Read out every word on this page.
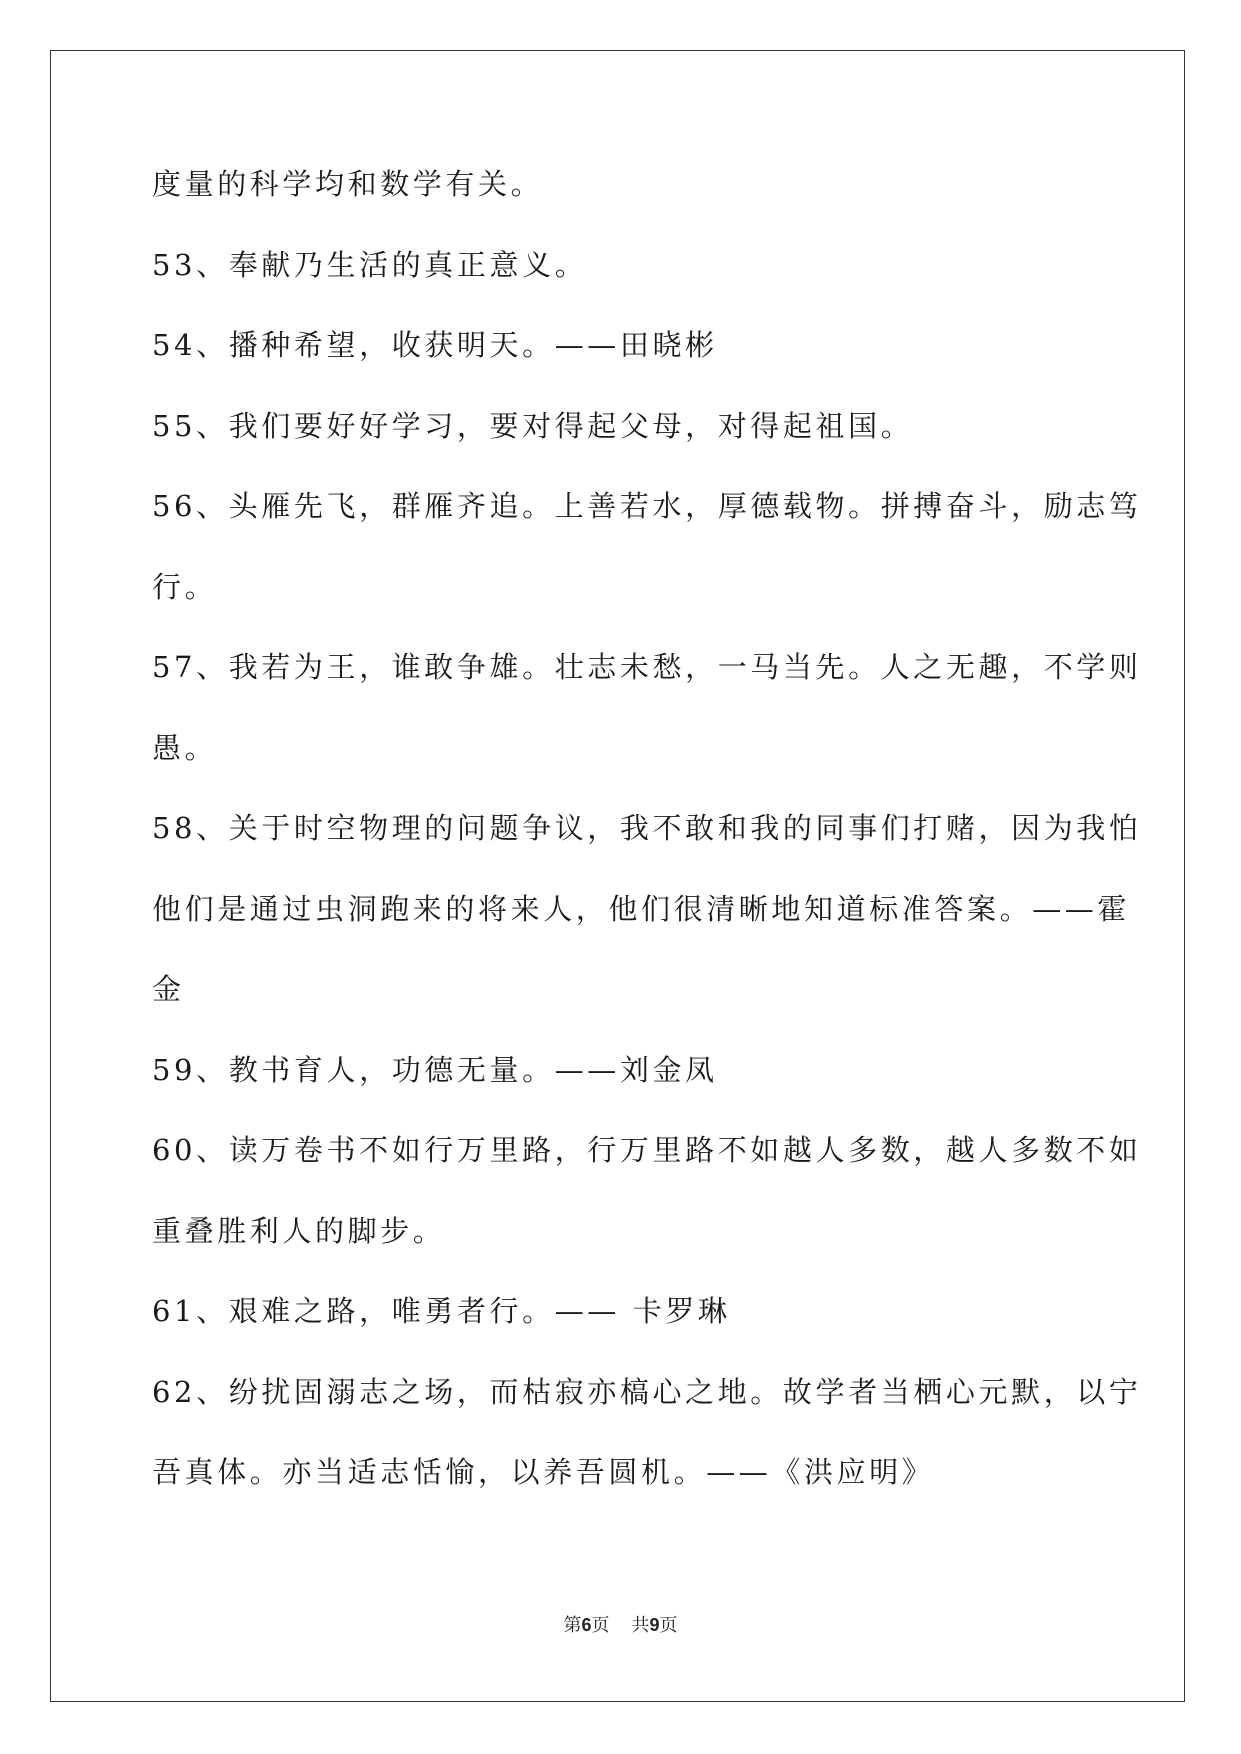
度量的科学均和数学有关。
53、奉献乃生活的真正意义。
54、播种希望，收获明天。——田晓彬
55、我们要好好学习，要对得起父母，对得起祖国。
56、头雁先飞，群雁齐追。上善若水，厚德载物。拼搏奋斗，励志笃
行。
57、我若为王，谁敢争雄。壮志未愁，一马当先。人之无趣，不学则
愚。
58、关于时空物理的问题争议，我不敢和我的同事们打赌，因为我怕
他们是通过虫洞跑来的将来人，他们很清晰地知道标准答案。——霍
金
59、教书育人，功德无量。——刘金凤
60、读万卷书不如行万里路，行万里路不如越人多数，越人多数不如
重叠胜利人的脚步。
61、艰难之路，唯勇者行。—— 卡罗琳
62、纷扰固溺志之场，而枯寂亦槁心之地。故学者当栖心元默，以宁
吾真体。亦当适志恬愉，以养吾圆机。——《洪应明》
第6页 共9页
